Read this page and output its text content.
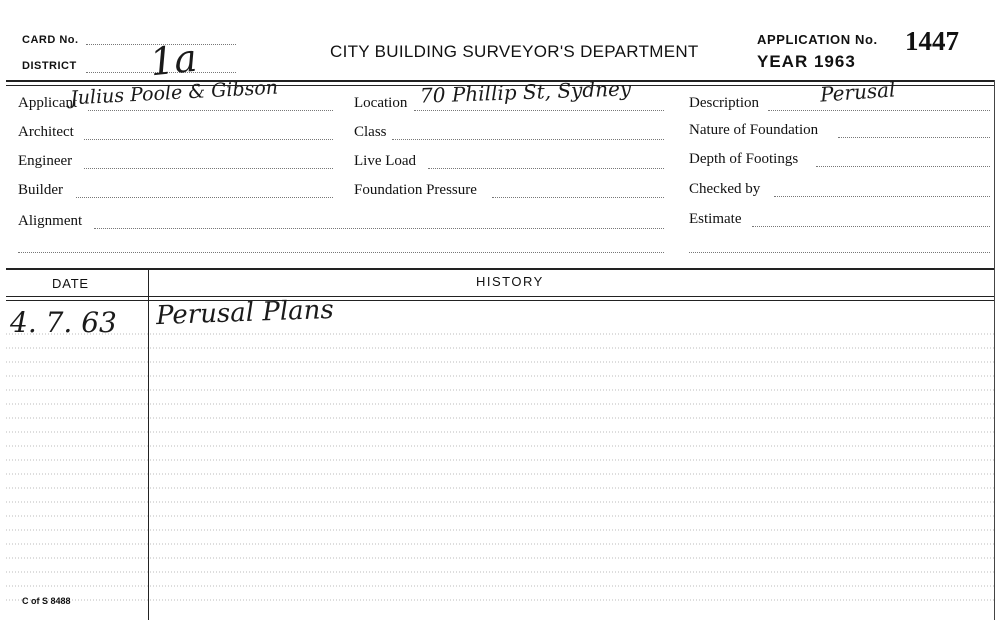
CARD No.
DISTRICT 1a	CITY BUILDING SURVEYOR'S DEPARTMENT
APPLICATION No. 1447
YEAR 1963
Applicant
Julius Poole & Gibson
Architect
Engineer
Builder
Alignment
Location 70 Phillip St, Sydney
Class
Live Load
Foundation Pressure
Description	Perusal
Nature of Foundation
Depth of Footings
Checked by
Estimate
DATE	HISTORY
4. 7. 63 Perusal Plans
C of S 8488
